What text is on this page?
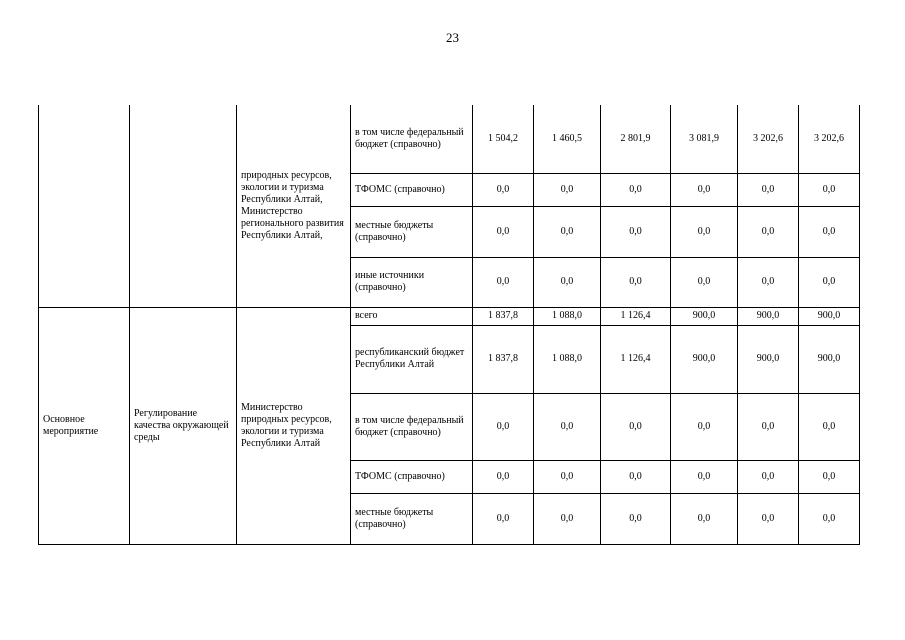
23
		природных ресурсов, экологии и туризма Республики Алтай, Министерство регионального развития Республики Алтай,	в том числе федеральный бюджет (справочно)	1 504,2	1 460,5	2 801,9	3 081,9	3 202,6	3 202,6
			ТФОМС (справочно)	0,0	0,0	0,0	0,0	0,0	0,0
			местные бюджеты (справочно)	0,0	0,0	0,0	0,0	0,0	0,0
			иные источники (справочно)	0,0	0,0	0,0	0,0	0,0	0,0
Основное мероприятие	Регулирование качества окружающей среды	Министерство природных ресурсов, экологии и туризма Республики Алтай	всего	1 837,8	1 088,0	1 126,4	900,0	900,0	900,0
			республиканский бюджет Республики Алтай	1 837,8	1 088,0	1 126,4	900,0	900,0	900,0
			в том числе федеральный бюджет (справочно)	0,0	0,0	0,0	0,0	0,0	0,0
			ТФОМС (справочно)	0,0	0,0	0,0	0,0	0,0	0,0
			местные бюджеты (справочно)	0,0	0,0	0,0	0,0	0,0	0,0
